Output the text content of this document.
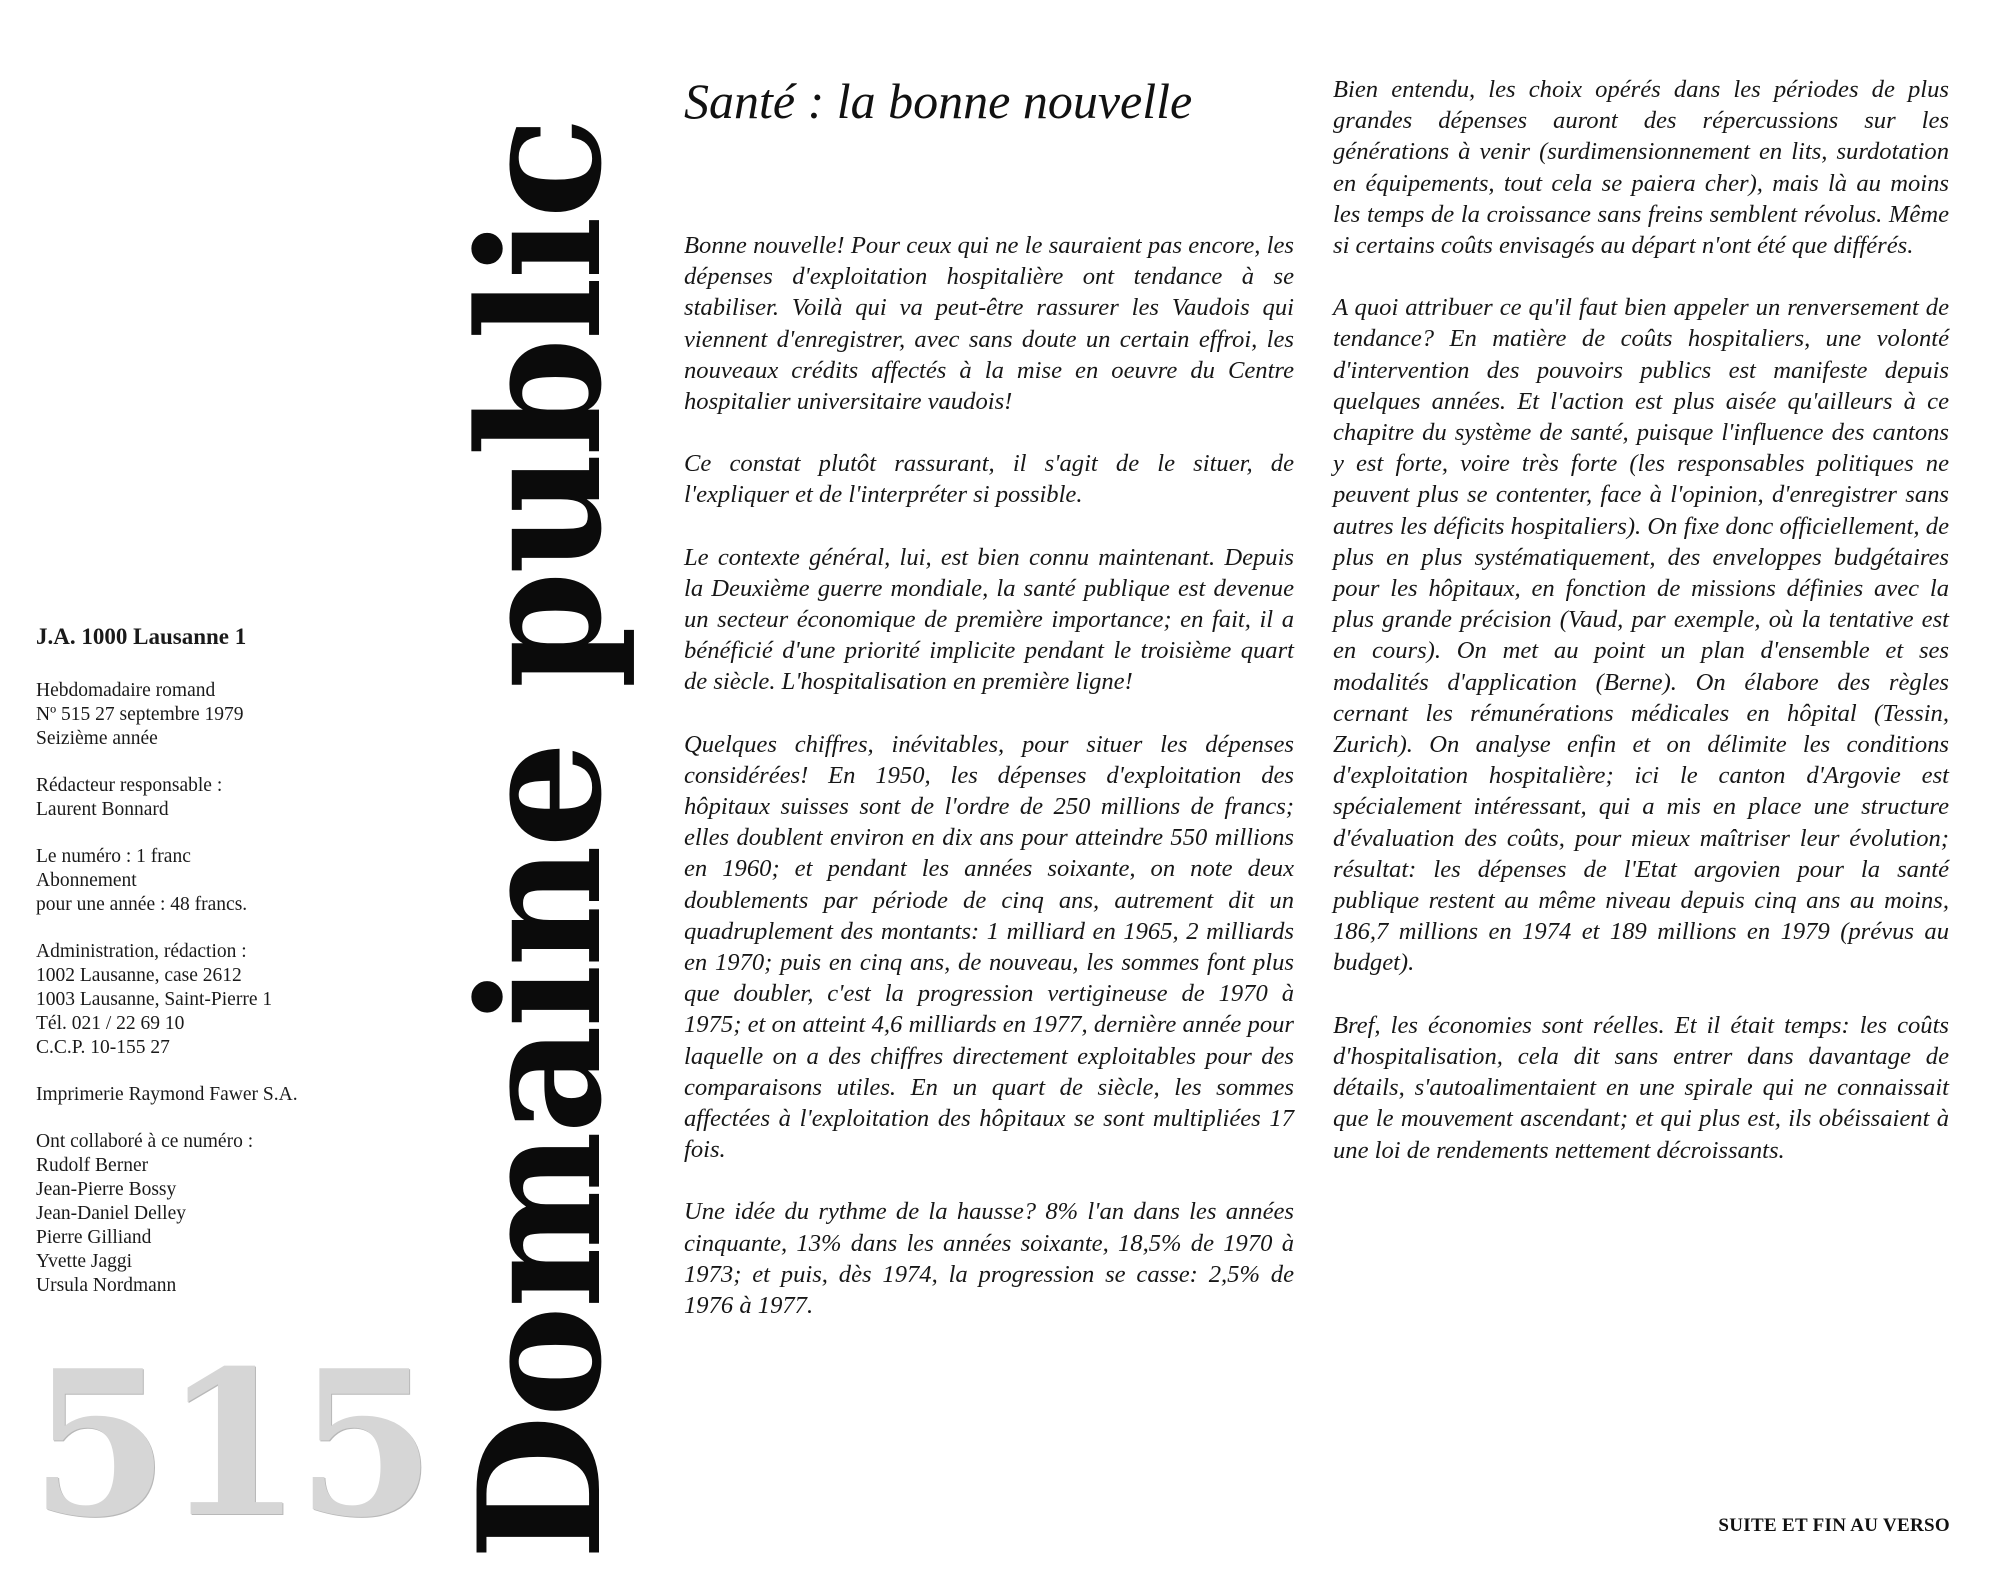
J.A. 1000 Lausanne 1
Hebdomadaire romand
Nº 515 27 septembre 1979
Seizième année
Rédacteur responsable :
Laurent Bonnard
Le numéro : 1 franc
Abonnement
pour une année : 48 francs.
Administration, rédaction :
1002 Lausanne, case 2612
1003 Lausanne, Saint-Pierre 1
Tél. 021 / 22 69 10
C.C.P. 10-155 27
Imprimerie Raymond Fawer S.A.
Ont collaboré à ce numéro :
Rudolf Berner
Jean-Pierre Bossy
Jean-Daniel Delley
Pierre Gilliand
Yvette Jaggi
Ursula Nordmann
515 Domaine public
Santé : la bonne nouvelle

Bonne nouvelle! Pour ceux qui ne le sauraient pas encore, les dépenses d'exploitation hospitalière ont tendance à se stabiliser. Voilà qui va peut-être rassurer les Vaudois qui viennent d'enregistrer, avec sans doute un certain effroi, les nouveaux crédits affectés à la mise en oeuvre du Centre hospitalier universitaire vaudois!

Ce constat plutôt rassurant, il s'agit de le situer, de l'expliquer et de l'interpréter si possible.

Le contexte général, lui, est bien connu maintenant. Depuis la Deuxième guerre mondiale, la santé publique est devenue un secteur économique de première importance; en fait, il a bénéficié d'une priorité implicite pendant le troisième quart de siècle. L'hospitalisation en première ligne!

Quelques chiffres, inévitables, pour situer les dépenses considérées! En 1950, les dépenses d'exploitation des hôpitaux suisses sont de l'ordre de 250 millions de francs; elles doublent environ en dix ans pour atteindre 550 millions en 1960; et pendant les années soixante, on note deux doublements par période de cinq ans, autrement dit un quadruplement des montants: 1 milliard en 1965, 2 milliards en 1970; puis en cinq ans, de nouveau, les sommes font plus que doubler, c'est la progression vertigineuse de 1970 à 1975; et on atteint 4,6 milliards en 1977, dernière année pour laquelle on a des chiffres directement exploitables pour des comparaisons utiles. En un quart de siècle, les sommes affectées à l'exploitation des hôpitaux se sont multipliées 17 fois.

Une idée du rythme de la hausse? 8% l'an dans les années cinquante, 13% dans les années soixante, 18,5% de 1970 à 1973; et puis, dès 1974, la progression se casse: 2,5% de 1976 à 1977.

Bien entendu, les choix opérés dans les périodes de plus grandes dépenses auront des répercussions sur les générations à venir (surdimensionnement en lits, surdotation en équipements, tout cela se paiera cher), mais là au moins les temps de la croissance sans freins semblent révolus. Même si certains coûts envisagés au départ n'ont été que différés.

A quoi attribuer ce qu'il faut bien appeler un renversement de tendance? En matière de coûts hospitaliers, une volonté d'intervention des pouvoirs publics est manifeste depuis quelques années. Et l'action est plus aisée qu'ailleurs à ce chapitre du système de santé, puisque l'influence des cantons y est forte, voire très forte (les responsables politiques ne peuvent plus se contenter, face à l'opinion, d'enregistrer sans autres les déficits hospitaliers). On fixe donc officiellement, de plus en plus systématiquement, des enveloppes budgétaires pour les hôpitaux, en fonction de missions définies avec la plus grande précision (Vaud, par exemple, où la tentative est en cours). On met au point un plan d'ensemble et ses modalités d'application (Berne). On élabore des règles cernant les rémunérations médicales en hôpital (Tessin, Zurich). On analyse enfin et on délimite les conditions d'exploitation hospitalière; ici le canton d'Argovie est spécialement intéressant, qui a mis en place une structure d'évaluation des coûts, pour mieux maîtriser leur évolution; résultat: les dépenses de l'Etat argovien pour la santé publique restent au même niveau depuis cinq ans au moins, 186,7 millions en 1974 et 189 millions en 1979 (prévus au budget).

Bref, les économies sont réelles. Et il était temps: les coûts d'hospitalisation, cela dit sans entrer dans davantage de détails, s'autoalimentaient en une spirale qui ne connaissait que le mouvement ascendant; et qui plus est, ils obéissaient à une loi de rendements nettement décroissants.

SUITE ET FIN AU VERSO
